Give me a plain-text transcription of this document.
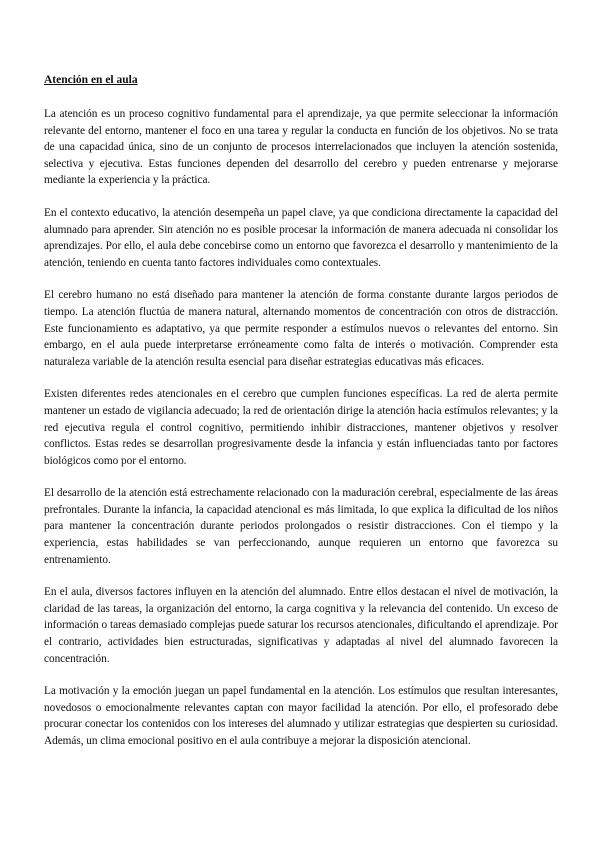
Atención en el aula

La atención es un proceso cognitivo fundamental para el aprendizaje, ya que permite seleccionar la información relevante del entorno, mantener el foco en una tarea y regular la conducta en función de los objetivos. No se trata de una capacidad única, sino de un conjunto de procesos interrelacionados que incluyen la atención sostenida, selectiva y ejecutiva. Estas funciones dependen del desarrollo del cerebro y pueden entrenarse y mejorarse mediante la experiencia y la práctica.

En el contexto educativo, la atención desempeña un papel clave, ya que condiciona directamente la capacidad del alumnado para aprender. Sin atención no es posible procesar la información de manera adecuada ni consolidar los aprendizajes. Por ello, el aula debe concebirse como un entorno que favorezca el desarrollo y mantenimiento de la atención, teniendo en cuenta tanto factores individuales como contextuales.

El cerebro humano no está diseñado para mantener la atención de forma constante durante largos periodos de tiempo. La atención fluctúa de manera natural, alternando momentos de concentración con otros de distracción. Este funcionamiento es adaptativo, ya que permite responder a estímulos nuevos o relevantes del entorno. Sin embargo, en el aula puede interpretarse erróneamente como falta de interés o motivación. Comprender esta naturaleza variable de la atención resulta esencial para diseñar estrategias educativas más eficaces.

Existen diferentes redes atencionales en el cerebro que cumplen funciones específicas. La red de alerta permite mantener un estado de vigilancia adecuado; la red de orientación dirige la atención hacia estímulos relevantes; y la red ejecutiva regula el control cognitivo, permitiendo inhibir distracciones, mantener objetivos y resolver conflictos. Estas redes se desarrollan progresivamente desde la infancia y están influenciadas tanto por factores biológicos como por el entorno.

El desarrollo de la atención está estrechamente relacionado con la maduración cerebral, especialmente de las áreas prefrontales. Durante la infancia, la capacidad atencional es más limitada, lo que explica la dificultad de los niños para mantener la concentración durante periodos prolongados o resistir distracciones. Con el tiempo y la experiencia, estas habilidades se van perfeccionando, aunque requieren un entorno que favorezca su entrenamiento.

En el aula, diversos factores influyen en la atención del alumnado. Entre ellos destacan el nivel de motivación, la claridad de las tareas, la organización del entorno, la carga cognitiva y la relevancia del contenido. Un exceso de información o tareas demasiado complejas puede saturar los recursos atencionales, dificultando el aprendizaje. Por el contrario, actividades bien estructuradas, significativas y adaptadas al nivel del alumnado favorecen la concentración.

La motivación y la emoción juegan un papel fundamental en la atención. Los estímulos que resultan interesantes, novedosos o emocionalmente relevantes captan con mayor facilidad la atención. Por ello, el profesorado debe procurar conectar los contenidos con los intereses del alumnado y utilizar estrategias que despierten su curiosidad. Además, un clima emocional positivo en el aula contribuye a mejorar la disposición atencional.
